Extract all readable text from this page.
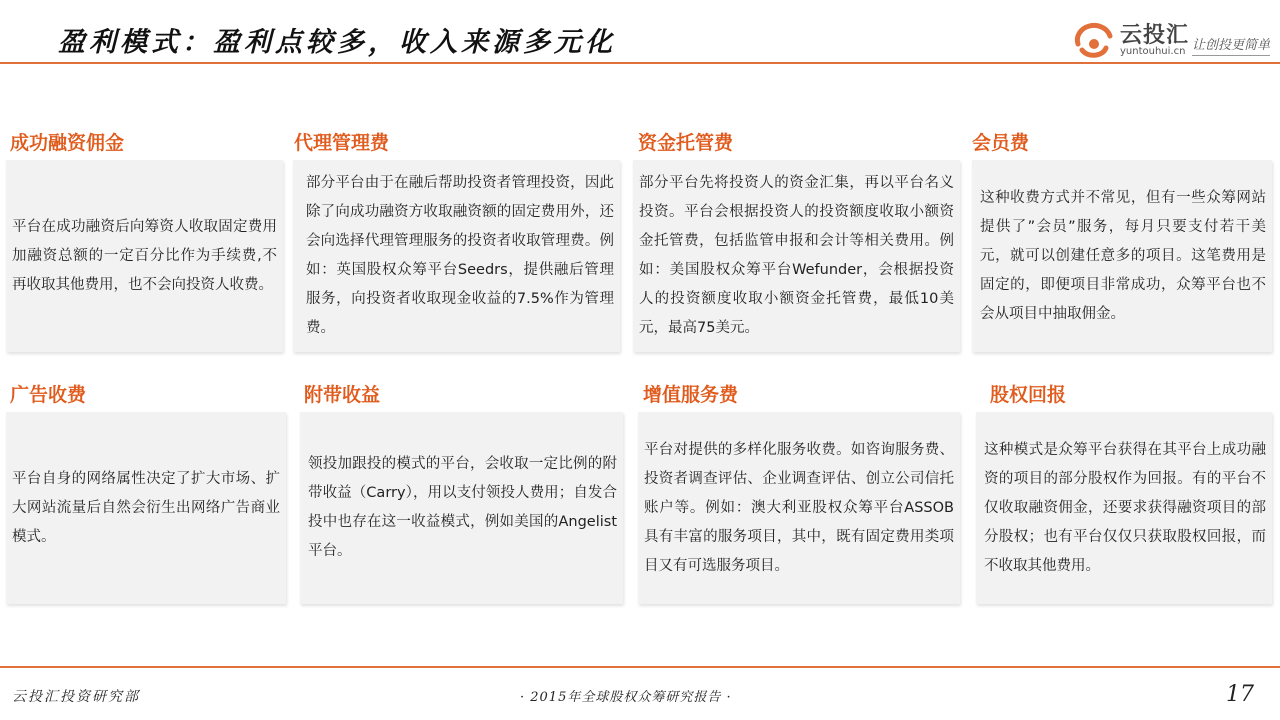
盈利模式：盈利点较多，收入来源多元化	云投汇
yuntouhui.cn 让创投更简单
成功融资佣金

平台在成功融资后向筹资人收取固定费用加融资总额的一定百分比作为手续费,不再收取其他费用，也不会向投资人收费。

代理管理费

部分平台由于在融后帮助投资者管理投资，因此除了向成功融资方收取融资额的固定费用外，还会向选择代理管理服务的投资者收取管理费。例如：英国股权众筹平台Seedrs，提供融后管理服务，向投资者收取现金收益的7.5%作为管理费。

资金托管费

部分平台先将投资人的资金汇集，再以平台名义投资。平台会根据投资人的投资额度收取小额资金托管费，包括监管申报和会计等相关费用。例如：美国股权众筹平台Wefunder，会根据投资人的投资额度收取小额资金托管费，最低10美元，最高75美元。

会员费

这种收费方式并不常见，但有一些众筹网站提供了”会员”服务，每月只要支付若干美元，就可以创建任意多的项目。这笔费用是固定的，即便项目非常成功，众筹平台也不会从项目中抽取佣金。

广告收费

平台自身的网络属性决定了扩大市场、扩大网站流量后自然会衍生出网络广告商业模式。

附带收益

领投加跟投的模式的平台，会收取一定比例的附带收益（Carry），用以支付领投人费用；自发合投中也存在这一收益模式，例如美国的Angelist平台。

增值服务费

平台对提供的多样化服务收费。如咨询服务费、投资者调查评估、企业调查评估、创立公司信托账户等。例如：澳大利亚股权众筹平台ASSOB具有丰富的服务项目，其中，既有固定费用类项目又有可选服务项目。

股权回报

这种模式是众筹平台获得在其平台上成功融资的项目的部分股权作为回报。有的平台不仅收取融资佣金，还要求获得融资项目的部分股权；也有平台仅仅只获取股权回报，而不收取其他费用。

云投汇投资研究部	· 2015年全球股权众筹研究报告 ·	17
